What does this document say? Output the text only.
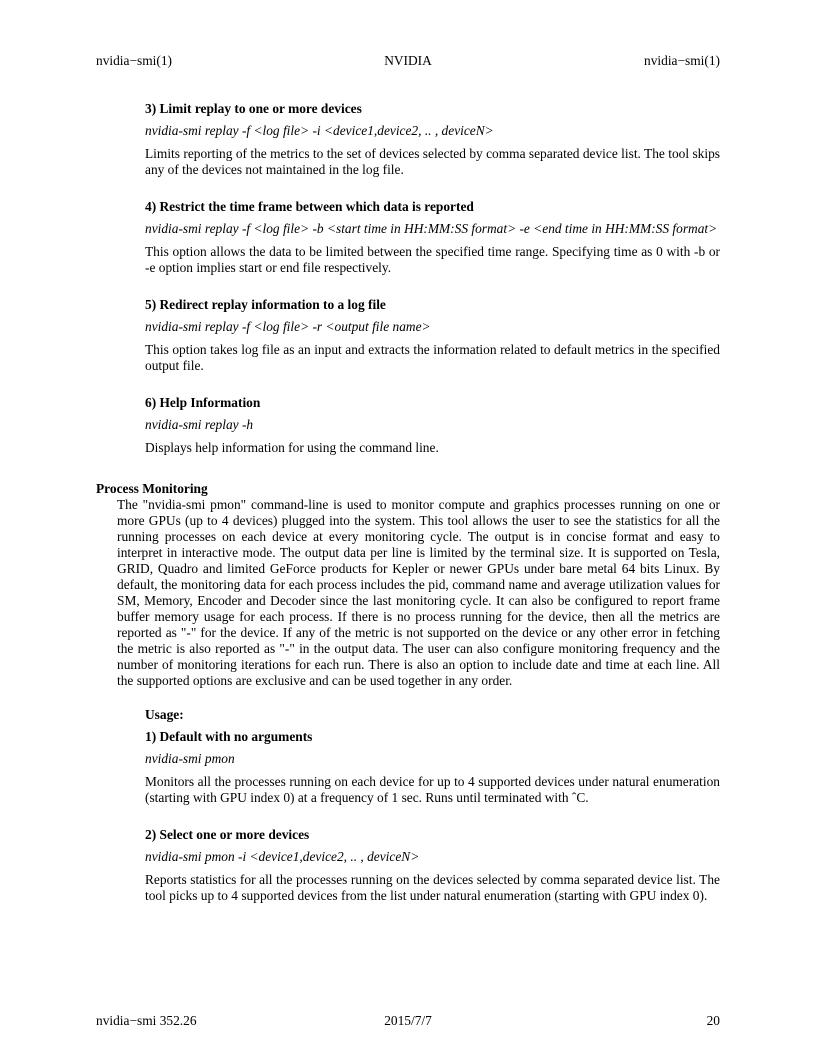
nvidia−smi(1)	NVIDIA	nvidia−smi(1)
3) Limit replay to one or more devices
nvidia-smi replay -f <log file> -i <device1,device2, .. , deviceN>
Limits reporting of the metrics to the set of devices selected by comma separated device list. The tool skips any of the devices not maintained in the log file.
4) Restrict the time frame between which data is reported
nvidia-smi replay -f <log file> -b <start time in HH:MM:SS format> -e <end time in HH:MM:SS format>
This option allows the data to be limited between the specified time range. Specifying time as 0 with -b or -e option implies start or end file respectively.
5) Redirect replay information to a log file
nvidia-smi replay -f <log file> -r <output file name>
This option takes log file as an input and extracts the information related to default metrics in the specified output file.
6) Help Information
nvidia-smi replay -h
Displays help information for using the command line.
Process Monitoring
The "nvidia-smi pmon" command-line is used to monitor compute and graphics processes running on one or more GPUs (up to 4 devices) plugged into the system. This tool allows the user to see the statistics for all the running processes on each device at every monitoring cycle. The output is in concise format and easy to interpret in interactive mode. The output data per line is limited by the terminal size. It is supported on Tesla, GRID, Quadro and limited GeForce products for Kepler or newer GPUs under bare metal 64 bits Linux. By default, the monitoring data for each process includes the pid, command name and average utilization values for SM, Memory, Encoder and Decoder since the last monitoring cycle. It can also be configured to report frame buffer memory usage for each process. If there is no process running for the device, then all the metrics are reported as "-" for the device. If any of the metric is not supported on the device or any other error in fetching the metric is also reported as "-" in the output data. The user can also configure monitoring frequency and the number of monitoring iterations for each run. There is also an option to include date and time at each line. All the supported options are exclusive and can be used together in any order.
Usage:
1) Default with no arguments
nvidia-smi pmon
Monitors all the processes running on each device for up to 4 supported devices under natural enumeration (starting with GPU index 0) at a frequency of 1 sec. Runs until terminated with ˆC.
2) Select one or more devices
nvidia-smi pmon -i <device1,device2, .. , deviceN>
Reports statistics for all the processes running on the devices selected by comma separated device list. The tool picks up to 4 supported devices from the list under natural enumeration (starting with GPU index 0).
nvidia−smi 352.26	2015/7/7	20
